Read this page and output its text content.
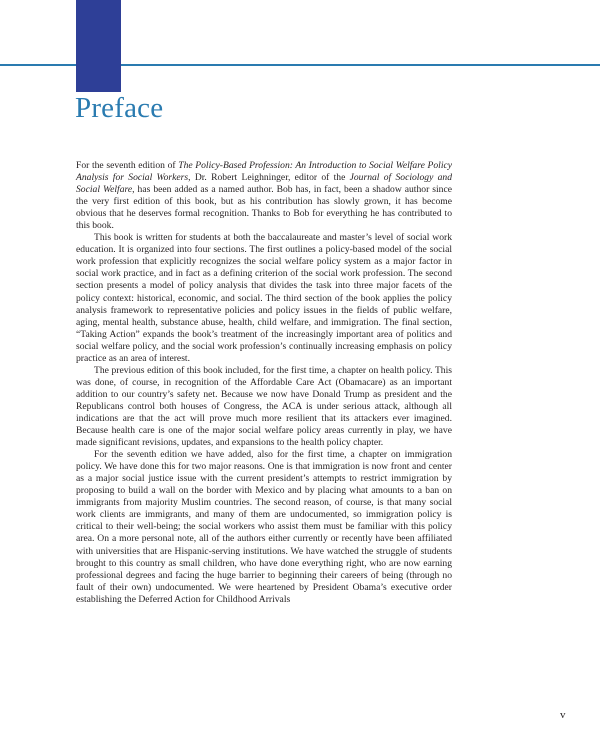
Preface

For the seventh edition of The Policy-Based Profession: An Introduction to Social Welfare Policy Analysis for Social Workers, Dr. Robert Leighninger, editor of the Journal of Sociology and Social Welfare, has been added as a named author. Bob has, in fact, been a shadow author since the very first edition of this book, but as his contribution has slowly grown, it has become obvious that he deserves formal recognition. Thanks to Bob for everything he has contributed to this book.

This book is written for students at both the baccalaureate and master’s level of social work education. It is organized into four sections. The first outlines a policy-based model of the social work profession that explicitly recognizes the social welfare policy system as a major factor in social work practice, and in fact as a defining criterion of the social work profession. The second section presents a model of policy analysis that divides the task into three major facets of the policy context: historical, economic, and social. The third section of the book applies the policy analysis framework to representative policies and policy issues in the fields of public welfare, aging, mental health, substance abuse, health, child welfare, and immigration. The final section, “Taking Action” expands the book’s treatment of the increasingly important area of politics and social welfare policy, and the social work profession’s continually increasing emphasis on policy practice as an area of interest.

The previous edition of this book included, for the first time, a chapter on health policy. This was done, of course, in recognition of the Affordable Care Act (Obamacare) as an important addition to our country’s safety net. Because we now have Donald Trump as president and the Republicans control both houses of Congress, the ACA is under serious attack, although all indications are that the act will prove much more resilient that its attackers ever imagined. Because health care is one of the major social welfare policy areas currently in play, we have made significant revisions, updates, and expansions to the health policy chapter.

For the seventh edition we have added, also for the first time, a chapter on immigration policy. We have done this for two major reasons. One is that immigration is now front and center as a major social justice issue with the current president’s attempts to restrict immigration by proposing to build a wall on the border with Mexico and by placing what amounts to a ban on immigrants from majority Muslim countries. The second reason, of course, is that many social work clients are immigrants, and many of them are undocumented, so immigration policy is critical to their well-being; the social workers who assist them must be familiar with this policy area. On a more personal note, all of the authors either currently or recently have been affiliated with universities that are Hispanic-serving institutions. We have watched the struggle of students brought to this country as small children, who have done everything right, who are now earning professional degrees and facing the huge barrier to beginning their careers of being (through no fault of their own) undocumented. We were heartened by President Obama’s executive order establishing the Deferred Action for Childhood Arrivals

v
